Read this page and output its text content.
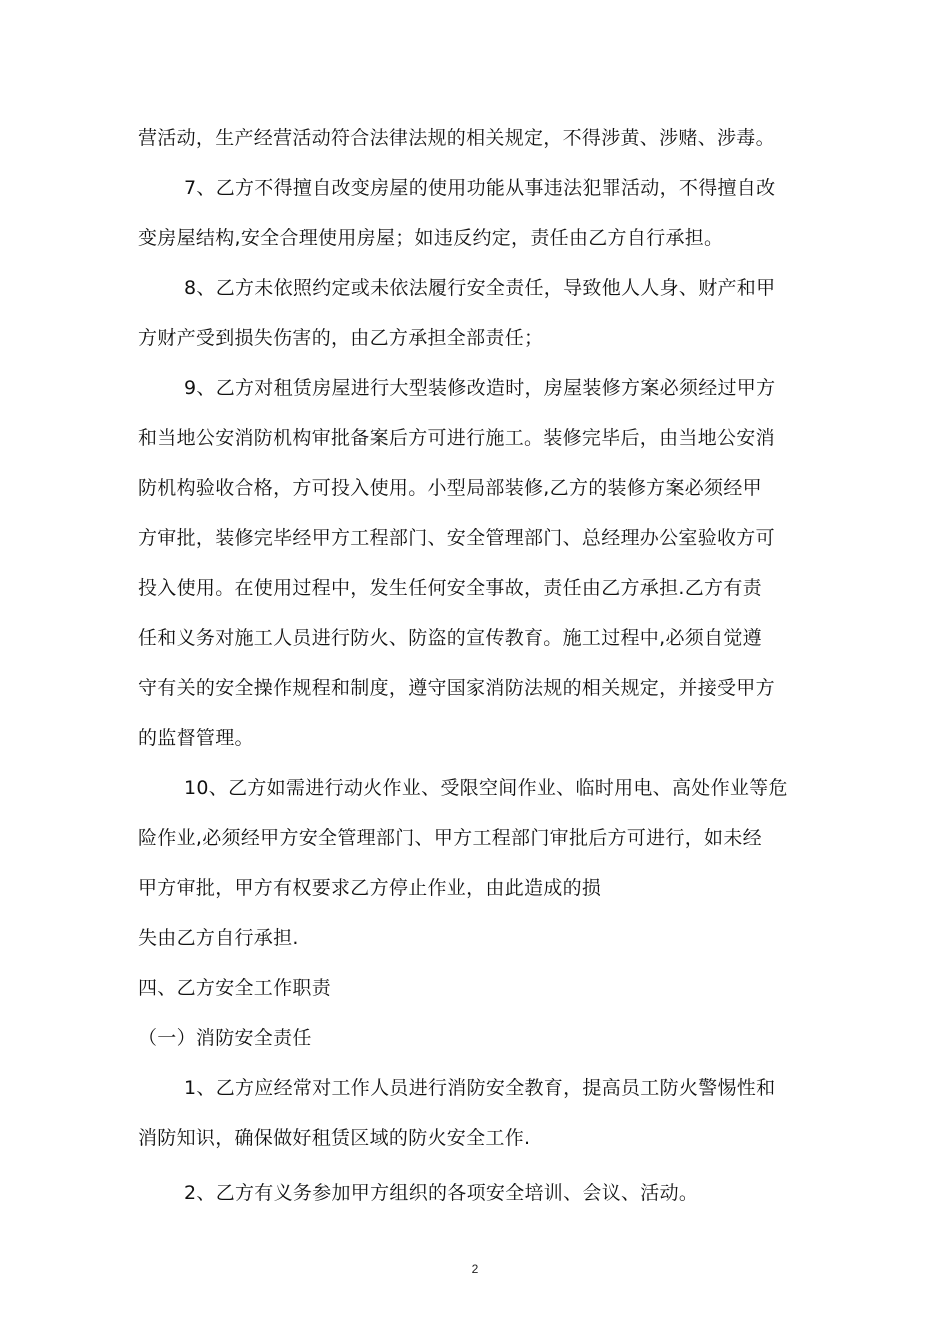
营活动，生产经营活动符合法律法规的相关规定，不得涉黄、涉赌、涉毒。
7、乙方不得擅自改变房屋的使用功能从事违法犯罪活动，不得擅自改
变房屋结构,安全合理使用房屋；如违反约定，责任由乙方自行承担。
8、乙方未依照约定或未依法履行安全责任，导致他人人身、财产和甲
方财产受到损失伤害的，由乙方承担全部责任；
9、乙方对租赁房屋进行大型装修改造时，房屋装修方案必须经过甲方
和当地公安消防机构审批备案后方可进行施工。装修完毕后，由当地公安消
防机构验收合格，方可投入使用。小型局部装修,乙方的装修方案必须经甲
方审批，装修完毕经甲方工程部门、安全管理部门、总经理办公室验收方可
投入使用。在使用过程中，发生任何安全事故，责任由乙方承担.乙方有责
任和义务对施工人员进行防火、防盗的宣传教育。施工过程中,必须自觉遵
守有关的安全操作规程和制度，遵守国家消防法规的相关规定，并接受甲方
的监督管理。
10、乙方如需进行动火作业、受限空间作业、临时用电、高处作业等危
险作业,必须经甲方安全管理部门、甲方工程部门审批后方可进行，如未经
甲方审批，甲方有权要求乙方停止作业，由此造成的损
失由乙方自行承担.
四、乙方安全工作职责
（一）消防安全责任
1、乙方应经常对工作人员进行消防安全教育，提高员工防火警惕性和
消防知识，确保做好租赁区域的防火安全工作.
2、乙方有义务参加甲方组织的各项安全培训、会议、活动。
2
